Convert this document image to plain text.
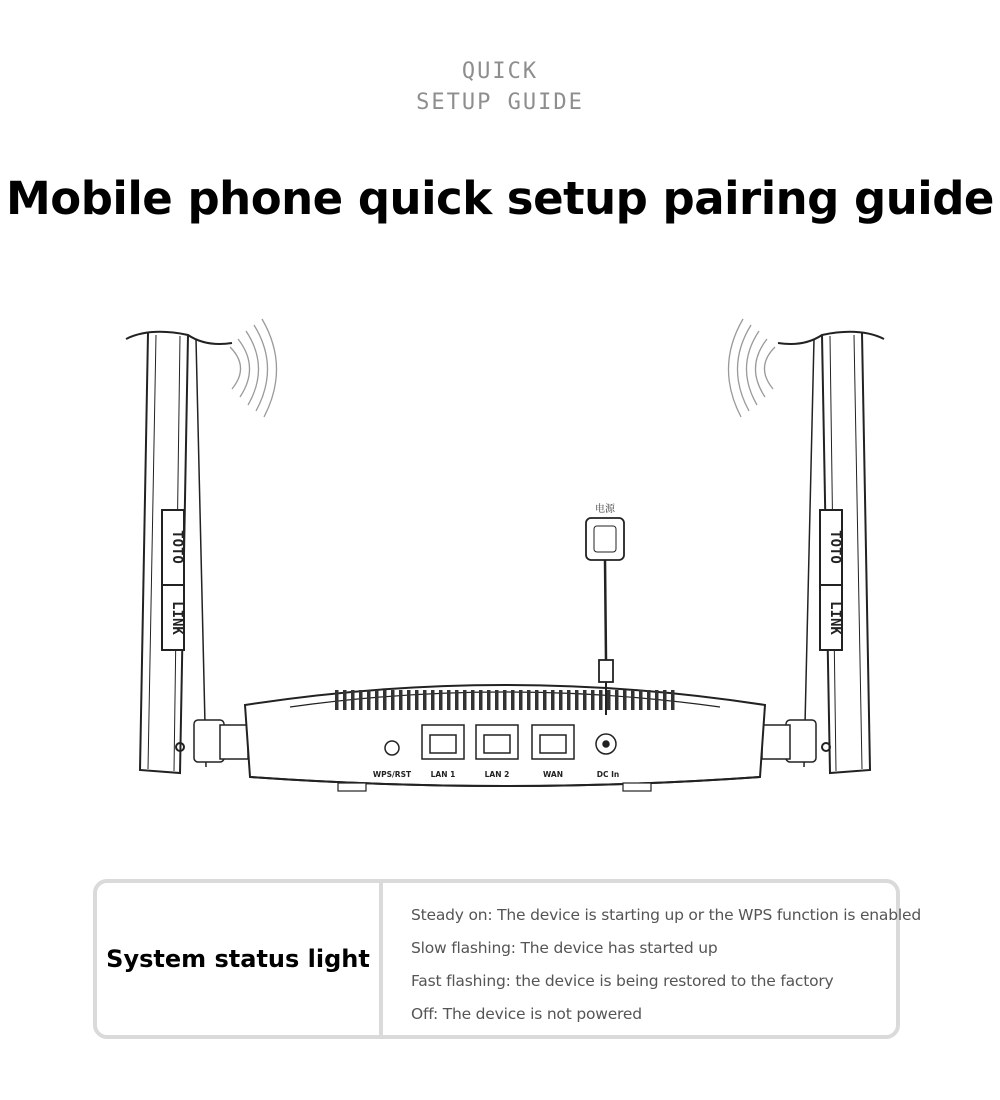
QUICK
SETUP GUIDE
Mobile phone quick setup pairing guide
TOTO
LINK
TOTO
LINK
电源
WPS/RST	LAN 1	LAN 2	WAN	DC In
System status light
Steady on: The device is starting up or the WPS function is enabled
Slow flashing: The device has started up
Fast flashing: the device is being restored to the factory
Off: The device is not powered
